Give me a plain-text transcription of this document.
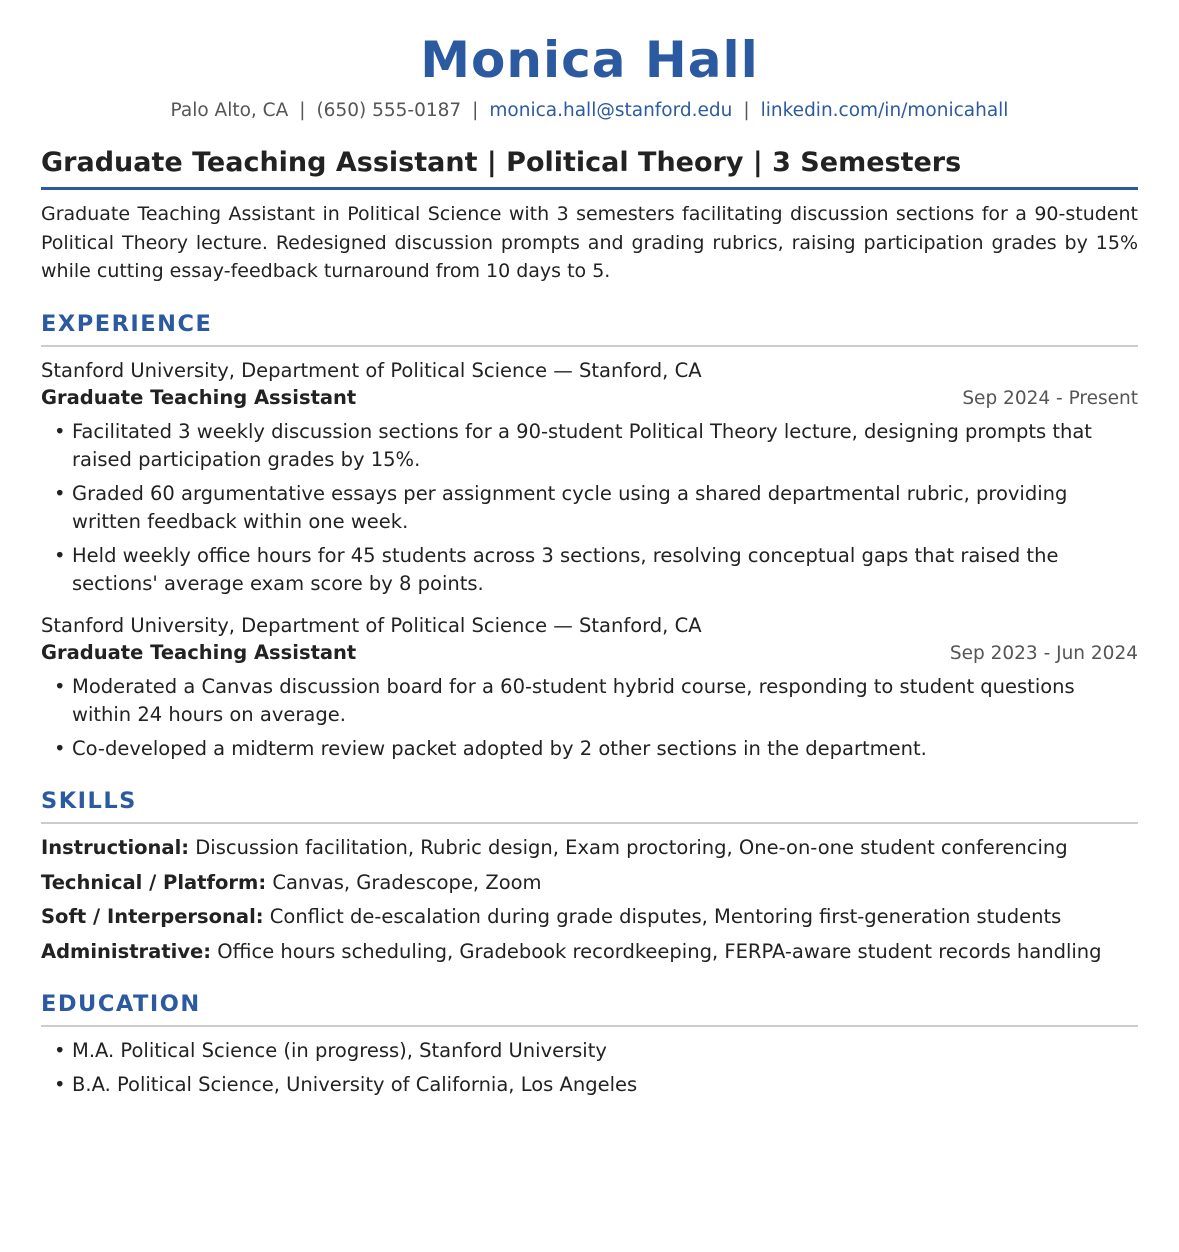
Monica Hall
Palo Alto, CA | (650) 555-0187 | monica.hall@stanford.edu | linkedin.com/in/monicahall
Graduate Teaching Assistant | Political Theory | 3 Semesters
Graduate Teaching Assistant in Political Science with 3 semesters facilitating discussion sections for a 90-student Political Theory lecture. Redesigned discussion prompts and grading rubrics, raising participation grades by 15% while cutting essay-feedback turnaround from 10 days to 5.
EXPERIENCE
Stanford University, Department of Political Science — Stanford, CA
Graduate Teaching Assistant	Sep 2024 - Present
• Facilitated 3 weekly discussion sections for a 90-student Political Theory lecture, designing prompts that raised participation grades by 15%.
• Graded 60 argumentative essays per assignment cycle using a shared departmental rubric, providing written feedback within one week.
• Held weekly office hours for 45 students across 3 sections, resolving conceptual gaps that raised the sections' average exam score by 8 points.
Stanford University, Department of Political Science — Stanford, CA
Graduate Teaching Assistant	Sep 2023 - Jun 2024
• Moderated a Canvas discussion board for a 60-student hybrid course, responding to student questions within 24 hours on average.
• Co-developed a midterm review packet adopted by 2 other sections in the department.
SKILLS
Instructional: Discussion facilitation, Rubric design, Exam proctoring, One-on-one student conferencing
Technical / Platform: Canvas, Gradescope, Zoom
Soft / Interpersonal: Conflict de-escalation during grade disputes, Mentoring first-generation students
Administrative: Office hours scheduling, Gradebook recordkeeping, FERPA-aware student records handling
EDUCATION
• M.A. Political Science (in progress), Stanford University
• B.A. Political Science, University of California, Los Angeles
